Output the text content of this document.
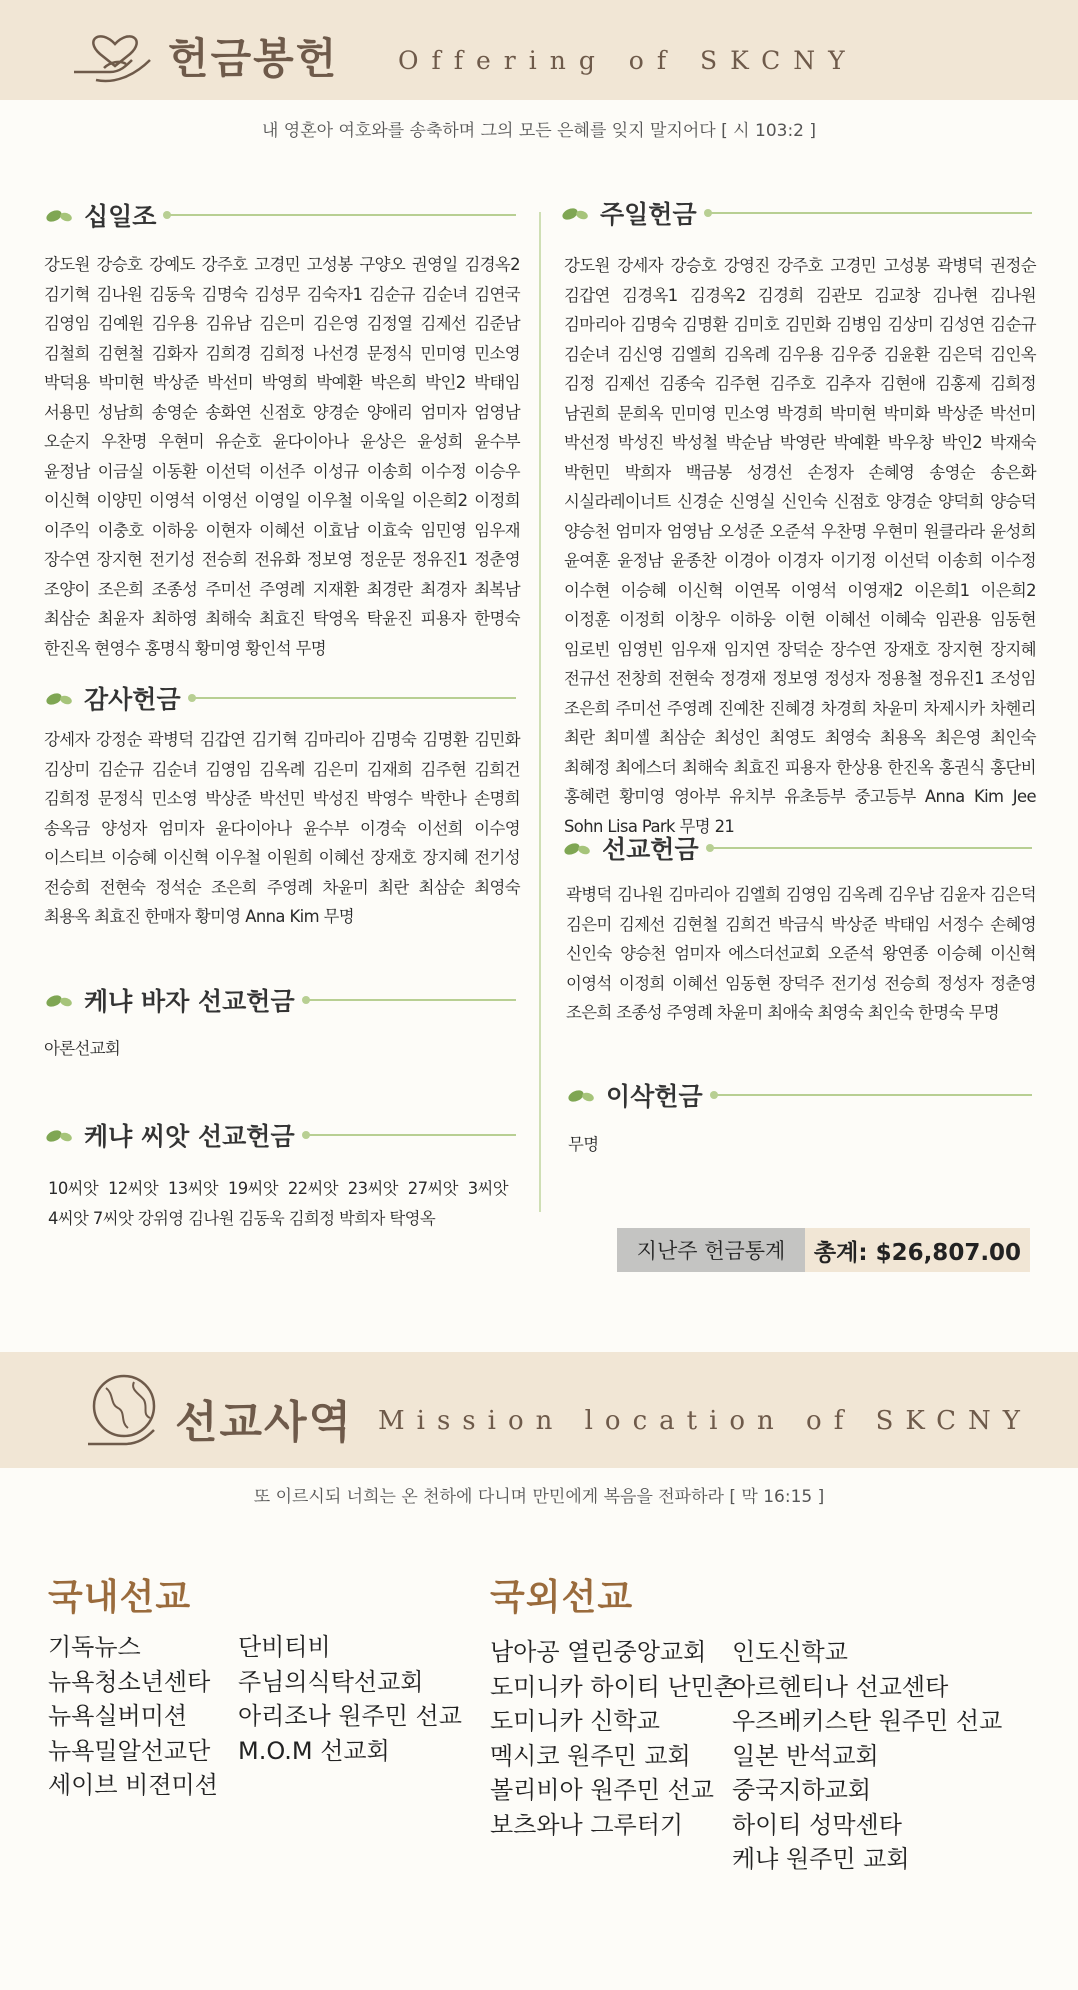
헌금봉헌 Offering of SKCNY
내 영혼아 여호와를 송축하며 그의 모든 은혜를 잊지 말지어다 [ 시 103:2 ]
십일조
강도원 강승호 강예도 강주호 고경민 고성봉 구양오 권영일 김경옥2 김기혁 김나원 김동욱 김명숙 김성무 김숙자1 김순규 김순녀 김연국 김영임 김예원 김우용 김유남 김은미 김은영 김정열 김제선 김준남 김철희 김현철 김화자 김희경 김희정 나선경 문정식 민미영 민소영 박덕용 박미현 박상준 박선미 박영희 박예환 박은희 박인2 박태임 서용민 성남희 송영순 송화연 신점호 양경순 양애리 엄미자 엄영남 오순지 우찬명 우현미 유순호 윤다이아나 윤상은 윤성희 윤수부 윤정남 이금실 이동환 이선덕 이선주 이성규 이송희 이수정 이승우 이신혁 이양민 이영석 이영선 이영일 이우철 이욱일 이은희2 이정희 이주익 이충호 이하웅 이현자 이혜선 이효남 이효숙 임민영 임우재 장수연 장지현 전기성 전승희 전유화 정보영 정운문 정유진1 정춘영 조양이 조은희 조종성 주미선 주영례 지재환 최경란 최경자 최복남 최삼순 최윤자 최하영 최해숙 최효진 탁영옥 탁윤진 피용자 한명숙 한진옥 현영수 홍명식 황미영 황인석 무명
감사헌금
강세자 강정순 곽병덕 김갑연 김기혁 김마리아 김명숙 김명환 김민화 김상미 김순규 김순녀 김영임 김옥례 김은미 김재희 김주현 김희건 김희정 문정식 민소영 박상준 박선민 박성진 박영수 박한나 손명희 송옥금 양성자 엄미자 윤다이아나 윤수부 이경숙 이선희 이수영 이스티브 이승혜 이신혁 이우철 이원희 이혜선 장재호 장지혜 전기성 전승희 전현숙 정석순 조은희 주영례 차윤미 최란 최삼순 최영숙 최용옥 최효진 한매자 황미영 Anna Kim 무명
케냐 바자 선교헌금
아론선교회
케냐 씨앗 선교헌금
10씨앗 12씨앗 13씨앗 19씨앗 22씨앗 23씨앗 27씨앗 3씨앗 4씨앗 7씨앗 강위영 김나원 김동욱 김희정 박희자 탁영옥
주일헌금
강도원 강세자 강승호 강영진 강주호 고경민 고성봉 곽병덕 권정순 김갑연 김경옥1 김경옥2 김경희 김관모 김교창 김나현 김나원 김마리아 김명숙 김명환 김미호 김민화 김병임 김상미 김성연 김순규 김순녀 김신영 김엘희 김옥례 김우용 김우중 김윤환 김은덕 김인옥 김정 김제선 김종숙 김주현 김주호 김추자 김현애 김홍제 김희정 남권희 문희옥 민미영 민소영 박경희 박미현 박미화 박상준 박선미 박선정 박성진 박성철 박순남 박영란 박예환 박우창 박인2 박재숙 박헌민 박희자 백금봉 성경선 손정자 손혜영 송영순 송은화 시실라레이너트 신경순 신영실 신인숙 신점호 양경순 양덕희 양승덕 양승천 엄미자 엄영남 오성준 오준석 우찬명 우현미 원클라라 윤성희 윤여훈 윤정남 윤종찬 이경아 이경자 이기정 이선덕 이송희 이수정 이수현 이승혜 이신혁 이연목 이영석 이영재2 이은희1 이은희2 이정훈 이정희 이창우 이하웅 이현 이혜선 이혜숙 임관용 임동현 임로빈 임영빈 임우재 임지연 장덕순 장수연 장재호 장지현 장지혜 전규선 전창희 전현숙 정경재 정보영 정성자 정용철 정유진1 조성임 조은희 주미선 주영례 진예찬 진혜경 차경희 차윤미 차제시카 차헨리 최란 최미셸 최삼순 최성인 최영도 최영숙 최용옥 최은영 최인숙 최혜정 최에스더 최해숙 최효진 피용자 한상용 한진옥 홍권식 홍단비 홍혜련 황미영 영아부 유치부 유초등부 중고등부 Anna Kim Jee Sohn Lisa Park 무명 21
선교헌금
곽병덕 김나원 김마리아 김엘희 김영임 김옥례 김우남 김윤자 김은덕 김은미 김제선 김현철 김희건 박금식 박상준 박태임 서정수 손혜영 신인숙 양승천 엄미자 에스더선교회 오준석 왕연종 이승혜 이신혁 이영석 이정희 이혜선 임동현 장덕주 전기성 전승희 정성자 정춘영 조은희 조종성 주영례 차윤미 최애숙 최영숙 최인숙 한명숙 무명
이삭헌금
무명
지난주 헌금통계	총계: $26,807.00
선교사역 Mission location of SKCNY
또 이르시되 너희는 온 천하에 다니며 만민에게 복음을 전파하라 [ 막 16:15 ]
국내선교
기독뉴스
뉴욕청소년센타
뉴욕실버미션
뉴욕밀알선교단
세이브 비젼미션
단비티비
주님의식탁선교회
아리조나 원주민 선교
M.O.M 선교회
국외선교
남아공 열린중앙교회
도미니카 하이티 난민촌
도미니카 신학교
멕시코 원주민 교회
볼리비아 원주민 선교
보츠와나 그루터기
인도신학교
아르헨티나 선교센타
우즈베키스탄 원주민 선교
일본 반석교회
중국지하교회
하이티 성막센타
케냐 원주민 교회
